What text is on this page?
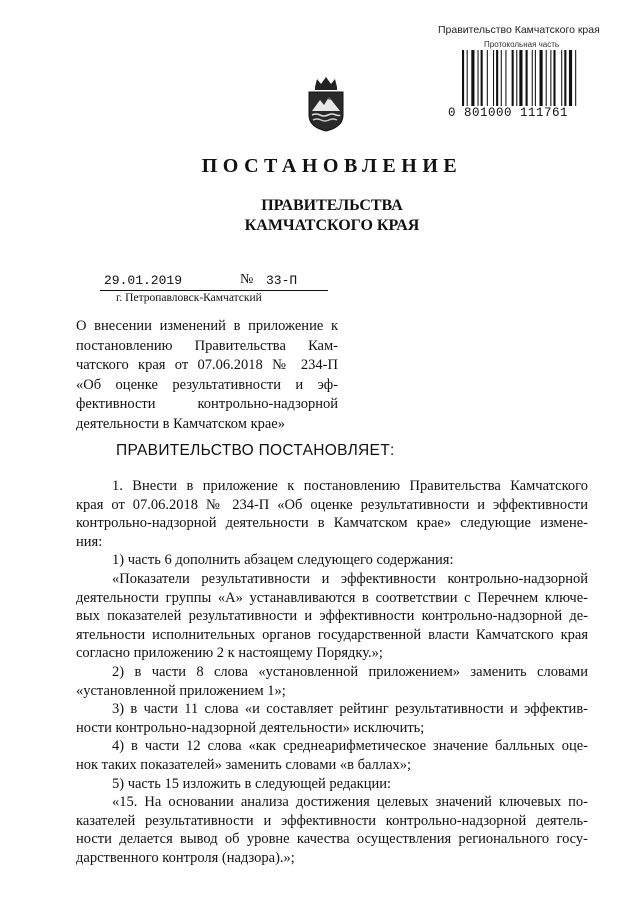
Правительство Камчатского края
Протокольная часть
0 801000 111761
ПОСТАНОВЛЕНИЕ
ПРАВИТЕЛЬСТВА
КАМЧАТСКОГО КРАЯ
29.01.2019	№ 33-П
г. Петропавловск-Камчатский
О внесении изменений в приложение к
постановлению Правительства Кам-
чатского края от 07.06.2018 № 234-П
«Об оценке результативности и эф-
фективности контрольно-надзорной
деятельности в Камчатском крае»
ПРАВИТЕЛЬСТВО ПОСТАНОВЛЯЕТ:
1. Внести в приложение к постановлению Правительства Камчатского
края от 07.06.2018 № 234-П «Об оценке результативности и эффективности
контрольно-надзорной деятельности в Камчатском крае» следующие измене-
ния:
1) часть 6 дополнить абзацем следующего содержания:
«Показатели результативности и эффективности контрольно-надзорной
деятельности группы «А» устанавливаются в соответствии с Перечнем ключе-
вых показателей результативности и эффективности контрольно-надзорной де-
ятельности исполнительных органов государственной власти Камчатского края
согласно приложению 2 к настоящему Порядку.»;
2) в части 8 слова «установленной приложением» заменить словами
«установленной приложением 1»;
3) в части 11 слова «и составляет рейтинг результативности и эффектив-
ности контрольно-надзорной деятельности» исключить;
4) в части 12 слова «как среднеарифметическое значение балльных оце-
нок таких показателей» заменить словами «в баллах»;
5) часть 15 изложить в следующей редакции:
«15. На основании анализа достижения целевых значений ключевых по-
казателей результативности и эффективности контрольно-надзорной деятель-
ности делается вывод об уровне качества осуществления регионального госу-
дарственного контроля (надзора).»;
